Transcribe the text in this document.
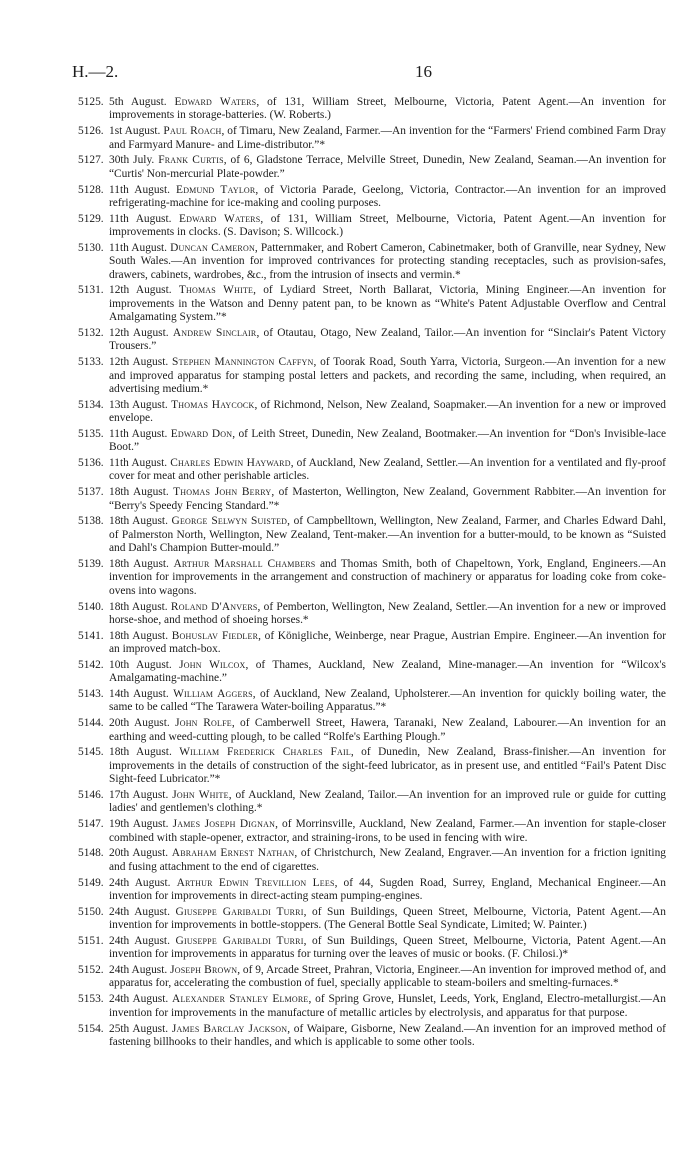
H.—2.	16
5125. 5th August. Edward Waters, of 131, William Street, Melbourne, Victoria, Patent Agent.—An invention for improvements in storage-batteries. (W. Roberts.)
5126. 1st August. Paul Roach, of Timaru, New Zealand, Farmer.—An invention for the “Farmers' Friend combined Farm Dray and Farmyard Manure- and Lime-distributor.”*
5127. 30th July. Frank Curtis, of 6, Gladstone Terrace, Melville Street, Dunedin, New Zealand, Seaman.—An invention for “Curtis' Non-mercurial Plate-powder.”
5128. 11th August. Edmund Taylor, of Victoria Parade, Geelong, Victoria, Contractor.—An invention for an improved refrigerating-machine for ice-making and cooling purposes.
5129. 11th August. Edward Waters, of 131, William Street, Melbourne, Victoria, Patent Agent.—An invention for improvements in clocks. (S. Davison; S. Willcock.)
5130. 11th August. Duncan Cameron, Patternmaker, and Robert Cameron, Cabinetmaker, both of Granville, near Sydney, New South Wales.—An invention for improved contrivances for protecting standing receptacles, such as provision-safes, drawers, cabinets, wardrobes, &c., from the intrusion of insects and vermin.*
5131. 12th August. Thomas White, of Lydiard Street, North Ballarat, Victoria, Mining Engineer.—An invention for improvements in the Watson and Denny patent pan, to be known as “White's Patent Adjustable Overflow and Central Amalgamating System.”*
5132. 12th August. Andrew Sinclair, of Otautau, Otago, New Zealand, Tailor.—An invention for “Sinclair's Patent Victory Trousers.”
5133. 12th August. Stephen Mannington Caffyn, of Toorak Road, South Yarra, Victoria, Surgeon.—An invention for a new and improved apparatus for stamping postal letters and packets, and recording the same, including, when required, an advertising medium.*
5134. 13th August. Thomas Haycock, of Richmond, Nelson, New Zealand, Soapmaker.—An invention for a new or improved envelope.
5135. 11th August. Edward Don, of Leith Street, Dunedin, New Zealand, Bootmaker.—An invention for “Don's Invisible-lace Boot.”
5136. 11th August. Charles Edwin Hayward, of Auckland, New Zealand, Settler.—An invention for a ventilated and fly-proof cover for meat and other perishable articles.
5137. 18th August. Thomas John Berry, of Masterton, Wellington, New Zealand, Government Rabbiter.—An invention for “Berry's Speedy Fencing Standard.”*
5138. 18th August. George Selwyn Suisted, of Campbelltown, Wellington, New Zealand, Farmer, and Charles Edward Dahl, of Palmerston North, Wellington, New Zealand, Tent-maker.—An invention for a butter-mould, to be known as “Suisted and Dahl's Champion Butter-mould.”
5139. 18th August. Arthur Marshall Chambers and Thomas Smith, both of Chapeltown, York, England, Engineers.—An invention for improvements in the arrangement and construction of machinery or apparatus for loading coke from coke-ovens into wagons.
5140. 18th August. Roland D'Anvers, of Pemberton, Wellington, New Zealand, Settler.—An invention for a new or improved horse-shoe, and method of shoeing horses.*
5141. 18th August. Bohuslav Fiedler, of Königliche, Weinberge, near Prague, Austrian Empire. Engineer.—An invention for an improved match-box.
5142. 10th August. John Wilcox, of Thames, Auckland, New Zealand, Mine-manager.—An invention for “Wilcox's Amalgamating-machine.”
5143. 14th August. William Aggers, of Auckland, New Zealand, Upholsterer.—An invention for quickly boiling water, the same to be called “The Tarawera Water-boiling Apparatus.”*
5144. 20th August. John Rolfe, of Camberwell Street, Hawera, Taranaki, New Zealand, Labourer.—An invention for an earthing and weed-cutting plough, to be called “Rolfe's Earthing Plough.”
5145. 18th August. William Frederick Charles Fail, of Dunedin, New Zealand, Brass-finisher.—An invention for improvements in the details of construction of the sight-feed lubricator, as in present use, and entitled “Fail's Patent Disc Sight-feed Lubricator.”*
5146. 17th August. John White, of Auckland, New Zealand, Tailor.—An invention for an improved rule or guide for cutting ladies' and gentlemen's clothing.*
5147. 19th August. James Joseph Dignan, of Morrinsville, Auckland, New Zealand, Farmer.—An invention for staple-closer combined with staple-opener, extractor, and straining-irons, to be used in fencing with wire.
5148. 20th August. Abraham Ernest Nathan, of Christchurch, New Zealand, Engraver.—An invention for a friction igniting and fusing attachment to the end of cigarettes.
5149. 24th August. Arthur Edwin Trevillion Lees, of 44, Sugden Road, Surrey, England, Mechanical Engineer.—An invention for improvements in direct-acting steam pumping-engines.
5150. 24th August. Giuseppe Garibaldi Turri, of Sun Buildings, Queen Street, Melbourne, Victoria, Patent Agent.—An invention for improvements in bottle-stoppers. (The General Bottle Seal Syndicate, Limited; W. Painter.)
5151. 24th August. Giuseppe Garibaldi Turri, of Sun Buildings, Queen Street, Melbourne, Victoria, Patent Agent.—An invention for improvements in apparatus for turning over the leaves of music or books. (F. Chilosi.)*
5152. 24th August. Joseph Brown, of 9, Arcade Street, Prahran, Victoria, Engineer.—An invention for improved method of, and apparatus for, accelerating the combustion of fuel, specially applicable to steam-boilers and smelting-furnaces.*
5153. 24th August. Alexander Stanley Elmore, of Spring Grove, Hunslet, Leeds, York, England, Electro-metallurgist.—An invention for improvements in the manufacture of metallic articles by electrolysis, and apparatus for that purpose.
5154. 25th August. James Barclay Jackson, of Waipare, Gisborne, New Zealand.—An invention for an improved method of fastening billhooks to their handles, and which is applicable to some other tools.
